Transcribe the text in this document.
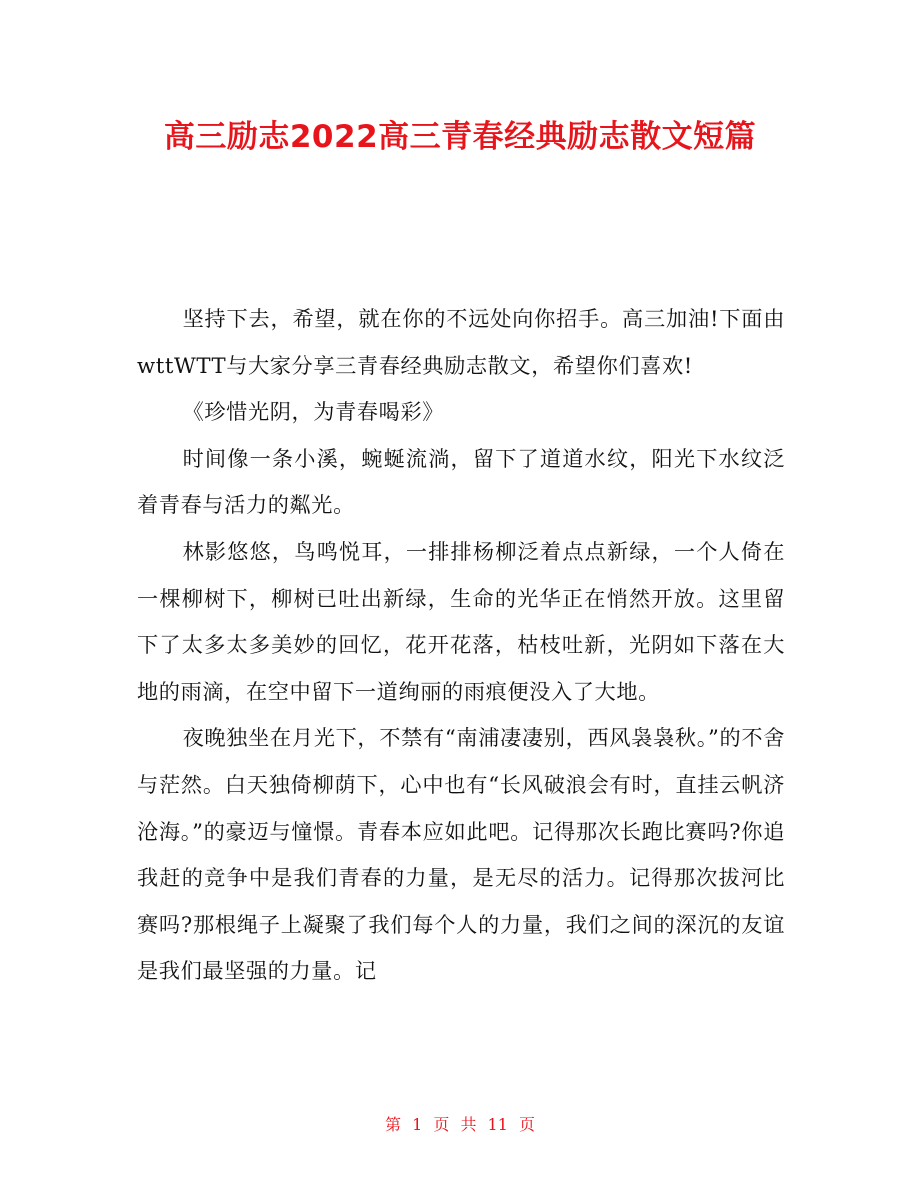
高三励志2022高三青春经典励志散文短篇

坚持下去，希望，就在你的不远处向你招手。高三加油!下面由wttWTT与大家分享三青春经典励志散文，希望你们喜欢!

《珍惜光阴，为青春喝彩》

时间像一条小溪，蜿蜒流淌，留下了道道水纹，阳光下水纹泛着青春与活力的粼光。

林影悠悠，鸟鸣悦耳，一排排杨柳泛着点点新绿，一个人倚在一棵柳树下，柳树已吐出新绿，生命的光华正在悄然开放。这里留下了太多太多美妙的回忆，花开花落，枯枝吐新，光阴如下落在大地的雨滴，在空中留下一道绚丽的雨痕便没入了大地。

夜晚独坐在月光下，不禁有“南浦凄凄别，西风袅袅秋。”的不舍与茫然。白天独倚柳荫下，心中也有“长风破浪会有时，直挂云帆济沧海。”的豪迈与憧憬。青春本应如此吧。记得那次长跑比赛吗?你追我赶的竞争中是我们青春的力量，是无尽的活力。记得那次拔河比赛吗?那根绳子上凝聚了我们每个人的力量，我们之间的深沉的友谊是我们最坚强的力量。记

第 1 页 共 11 页
